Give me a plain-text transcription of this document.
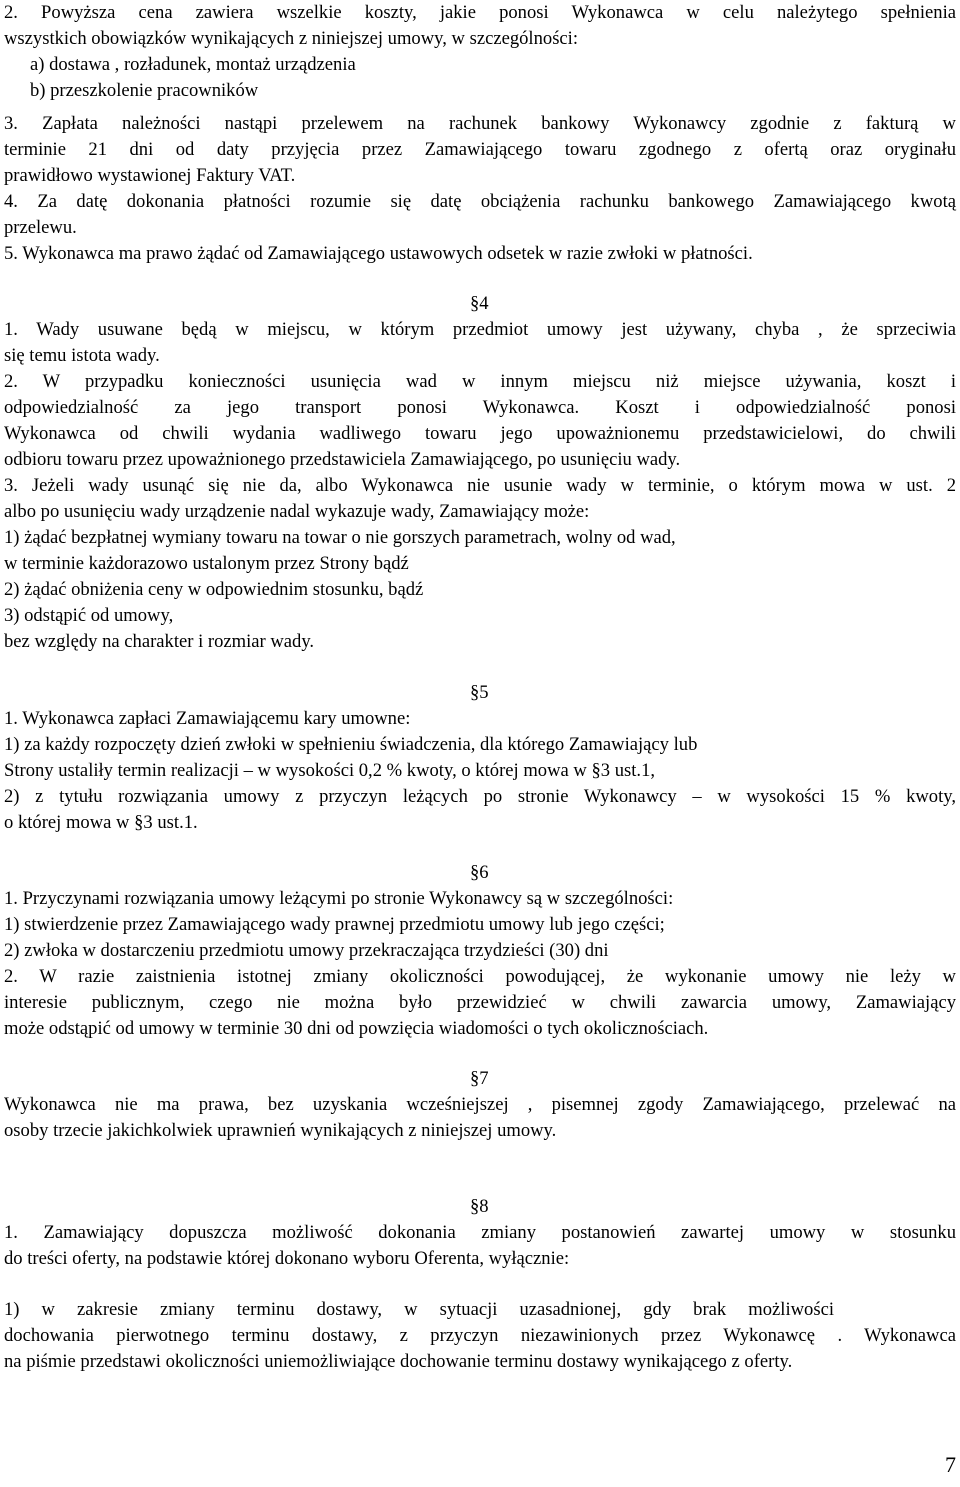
2. Powyższa cena zawiera wszelkie koszty, jakie ponosi Wykonawca w celu należytego spełnienia
wszystkich obowiązków wynikających z niniejszej umowy, w szczególności:
a) dostawa , rozładunek, montaż urządzenia
b) przeszkolenie pracowników
3. Zapłata należności nastąpi przelewem na rachunek bankowy Wykonawcy zgodnie z fakturą w
terminie 21 dni od daty przyjęcia przez Zamawiającego towaru zgodnego z ofertą oraz oryginału
prawidłowo wystawionej Faktury VAT.
4. Za datę dokonania płatności rozumie się datę obciążenia rachunku bankowego Zamawiającego kwotą
przelewu.
5. Wykonawca ma prawo żądać od Zamawiającego ustawowych odsetek w razie zwłoki w płatności.
§4
1. Wady usuwane będą w miejscu, w którym przedmiot umowy jest używany, chyba , że sprzeciwia
się temu istota wady.
2. W przypadku konieczności usunięcia wad w innym miejscu niż miejsce używania, koszt i
odpowiedzialność za jego transport ponosi Wykonawca. Koszt i odpowiedzialność ponosi
Wykonawca od chwili wydania wadliwego towaru jego upoważnionemu przedstawicielowi, do chwili
odbioru towaru przez upoważnionego przedstawiciela Zamawiającego, po usunięciu wady.
3. Jeżeli wady usunąć się nie da, albo Wykonawca nie usunie wady w terminie, o którym mowa w ust. 2
albo po usunięciu wady urządzenie nadal wykazuje wady, Zamawiający może:
1) żądać bezpłatnej wymiany towaru na towar o nie gorszych parametrach, wolny od wad,
w terminie każdorazowo ustalonym przez Strony bądź
2) żądać obniżenia ceny w odpowiednim stosunku, bądź
3) odstąpić od umowy,
bez względy na charakter i rozmiar wady.
§5
1. Wykonawca zapłaci Zamawiającemu kary umowne:
1) za każdy rozpoczęty dzień zwłoki w spełnieniu świadczenia, dla którego Zamawiający lub
Strony ustaliły termin realizacji – w wysokości 0,2 % kwoty, o której mowa w §3 ust.1,
2) z tytułu rozwiązania umowy z przyczyn leżących po stronie Wykonawcy – w wysokości 15 % kwoty,
o której mowa w §3 ust.1.
§6
1. Przyczynami rozwiązania umowy leżącymi po stronie Wykonawcy są w szczególności:
1) stwierdzenie przez Zamawiającego wady prawnej przedmiotu umowy lub jego części;
2) zwłoka w dostarczeniu przedmiotu umowy przekraczająca trzydzieści (30) dni
2. W razie zaistnienia istotnej zmiany okoliczności powodującej, że wykonanie umowy nie leży w
interesie publicznym, czego nie można było przewidzieć w chwili zawarcia umowy, Zamawiający
może odstąpić od umowy w terminie 30 dni od powzięcia wiadomości o tych okolicznościach.
§7
Wykonawca nie ma prawa, bez uzyskania wcześniejszej , pisemnej zgody Zamawiającego, przelewać na
osoby trzecie jakichkolwiek uprawnień wynikających z niniejszej umowy.
§8
1. Zamawiający dopuszcza możliwość dokonania zmiany postanowień zawartej umowy w stosunku
do treści oferty, na podstawie której dokonano wyboru Oferenta, wyłącznie:
1) w zakresie zmiany terminu dostawy, w sytuacji uzasadnionej, gdy brak możliwości
dochowania pierwotnego terminu dostawy, z przyczyn niezawinionych przez Wykonawcę . Wykonawca
na piśmie przedstawi okoliczności uniemożliwiające dochowanie terminu dostawy wynikającego z oferty.
7
